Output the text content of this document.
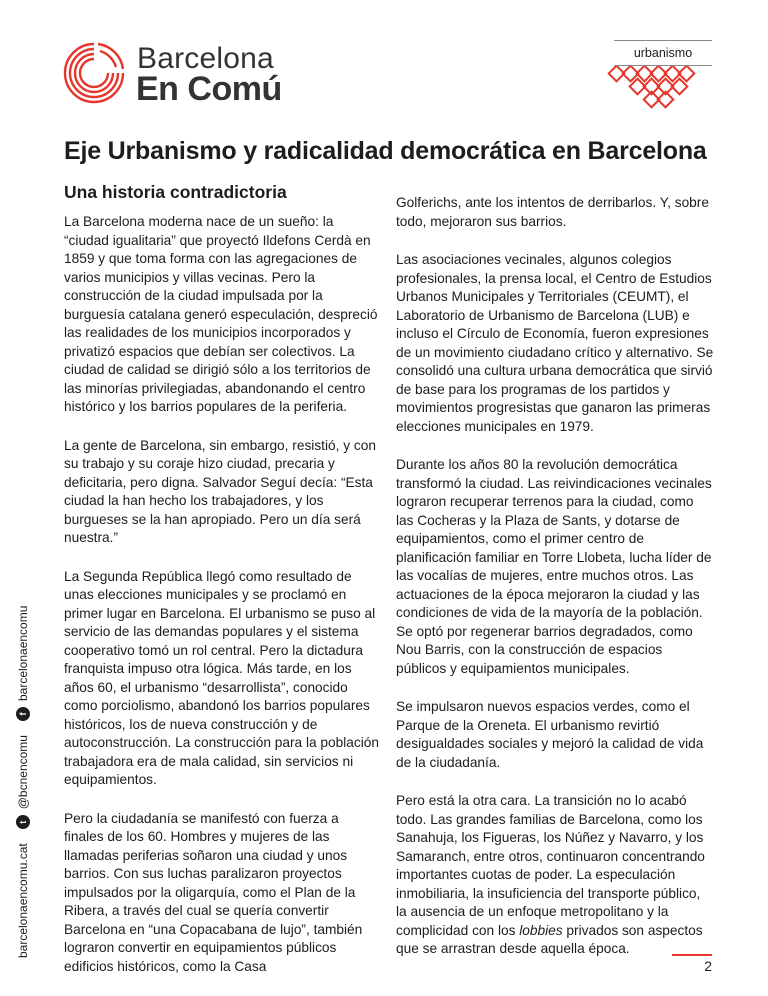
Barcelona
En Comú
urbanismo
Eje Urbanismo y radicalidad democrática en Barcelona
Una historia contradictoria

La Barcelona moderna nace de un sueño: la “ciudad igualitaria” que proyectó Ildefons Cerdà en 1859 y que toma forma con las agregaciones de varios municipios y villas vecinas. Pero la construcción de la ciudad impulsada por la burguesía catalana generó especulación, despreció las realidades de los municipios incorporados y privatizó espacios que debían ser colectivos. La ciudad de calidad se dirigió sólo a los territorios de las minorías privilegiadas, abandonando el centro histórico y los barrios populares de la periferia.

La gente de Barcelona, sin embargo, resistió, y con su trabajo y su coraje hizo ciudad, precaria y deficitaria, pero digna. Salvador Seguí decía: “Esta ciudad la han hecho los trabajadores, y los burgueses se la han apropiado. Pero un día será nuestra.”

La Segunda República llegó como resultado de unas elecciones municipales y se proclamó en primer lugar en Barcelona. El urbanismo se puso al servicio de las demandas populares y el sistema cooperativo tomó un rol central. Pero la dictadura franquista impuso otra lógica. Más tarde, en los años 60, el urbanismo “desarrollista”, conocido como porciolismo, abandonó los barrios populares históricos, los de nueva construcción y de autoconstrucción. La construcción para la población trabajadora era de mala calidad, sin servicios ni equipamientos.

Pero la ciudadanía se manifestó con fuerza a finales de los 60. Hombres y mujeres de las llamadas periferias soñaron una ciudad y unos barrios. Con sus luchas paralizaron proyectos impulsados por la oligarquía, como el Plan de la Ribera, a través del cual se quería convertir Barcelona en “una Copacabana de lujo”, también lograron convertir en equipamientos públicos edificios históricos, como la Casa

Golferichs, ante los intentos de derribarlos. Y, sobre todo, mejoraron sus barrios.

Las asociaciones vecinales, algunos colegios profesionales, la prensa local, el Centro de Estudios Urbanos Municipales y Territoriales (CEUMT), el Laboratorio de Urbanismo de Barcelona (LUB) e incluso el Círculo de Economía, fueron expresiones de un movimiento ciudadano crítico y alternativo. Se consolidó una cultura urbana democrática que sirvió de base para los programas de los partidos y movimientos progresistas que ganaron las primeras elecciones municipales en 1979.

Durante los años 80 la revolución democrática transformó la ciudad. Las reivindicaciones vecinales lograron recuperar terrenos para la ciudad, como las Cocheras y la Plaza de Sants, y dotarse de equipamientos, como el primer centro de planificación familiar en Torre Llobeta, lucha líder de las vocalías de mujeres, entre muchos otros. Las actuaciones de la época mejoraron la ciudad y las condiciones de vida de la mayoría de la población. Se optó por regenerar barrios degradados, como Nou Barris, con la construcción de espacios públicos y equipamientos municipales.

Se impulsaron nuevos espacios verdes, como el Parque de la Oreneta. El urbanismo revirtió desigualdades sociales y mejoró la calidad de vida de la ciudadanía.

Pero está la otra cara. La transición no lo acabó todo. Las grandes familias de Barcelona, como los Sanahuja, los Figueras, los Núñez y Navarro, y los Samaranch, entre otros, continuaron concentrando importantes cuotas de poder. La especulación inmobiliaria, la insuficiencia del transporte público, la ausencia de un enfoque metropolitano y la complicidad con los lobbies privados son aspectos que se arrastran desde aquella época.

barcelonaencomu.cat
t
@bcnencomu
f
barcelonaencomu
2
